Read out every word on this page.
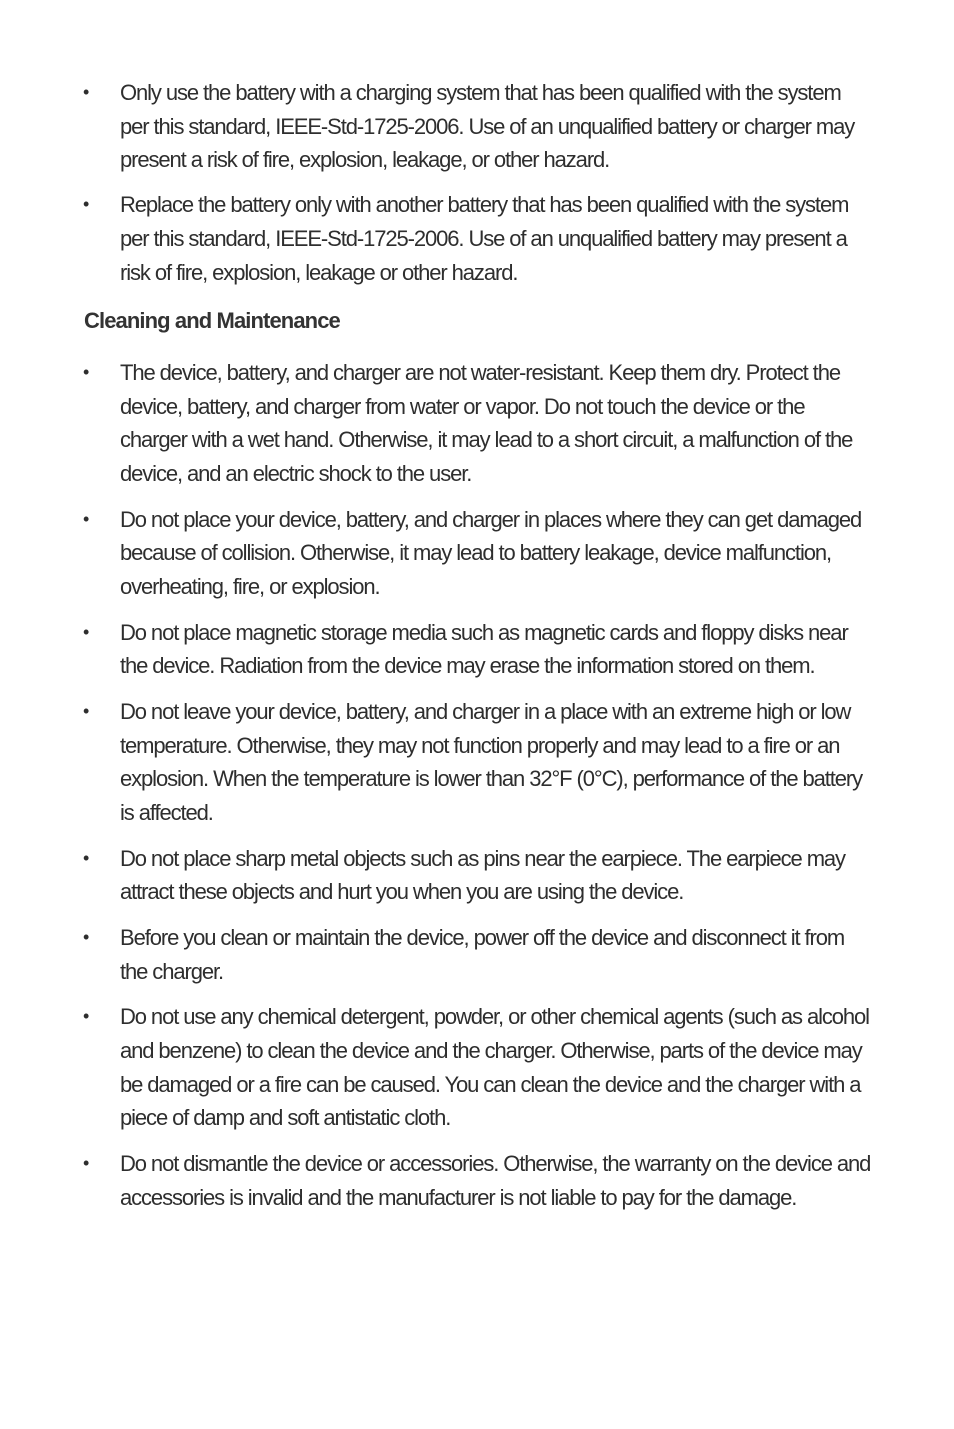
• Only use the battery with a charging system that has been qualified with the system per this standard, IEEE-Std-1725-2006. Use of an unqualified battery or charger may present a risk of fire, explosion, leakage, or other hazard.
• Replace the battery only with another battery that has been qualified with the system per this standard, IEEE-Std-1725-2006. Use of an unqualified battery may present a risk of fire, explosion, leakage or other hazard.
Cleaning and Maintenance
• The device, battery, and charger are not water-resistant. Keep them dry. Protect the device, battery, and charger from water or vapor. Do not touch the device or the charger with a wet hand. Otherwise, it may lead to a short circuit, a malfunction of the device, and an electric shock to the user.
• Do not place your device, battery, and charger in places where they can get damaged because of collision. Otherwise, it may lead to battery leakage, device malfunction, overheating, fire, or explosion.
• Do not place magnetic storage media such as magnetic cards and floppy disks near the device. Radiation from the device may erase the information stored on them.
• Do not leave your device, battery, and charger in a place with an extreme high or low temperature. Otherwise, they may not function properly and may lead to a fire or an explosion. When the temperature is lower than 32°F (0°C), performance of the battery is affected.
• Do not place sharp metal objects such as pins near the earpiece. The earpiece may attract these objects and hurt you when you are using the device.
• Before you clean or maintain the device, power off the device and disconnect it from the charger.
• Do not use any chemical detergent, powder, or other chemical agents (such as alcohol and benzene) to clean the device and the charger. Otherwise, parts of the device may be damaged or a fire can be caused. You can clean the device and the charger with a piece of damp and soft antistatic cloth.
• Do not dismantle the device or accessories. Otherwise, the warranty on the device and accessories is invalid and the manufacturer is not liable to pay for the damage.
